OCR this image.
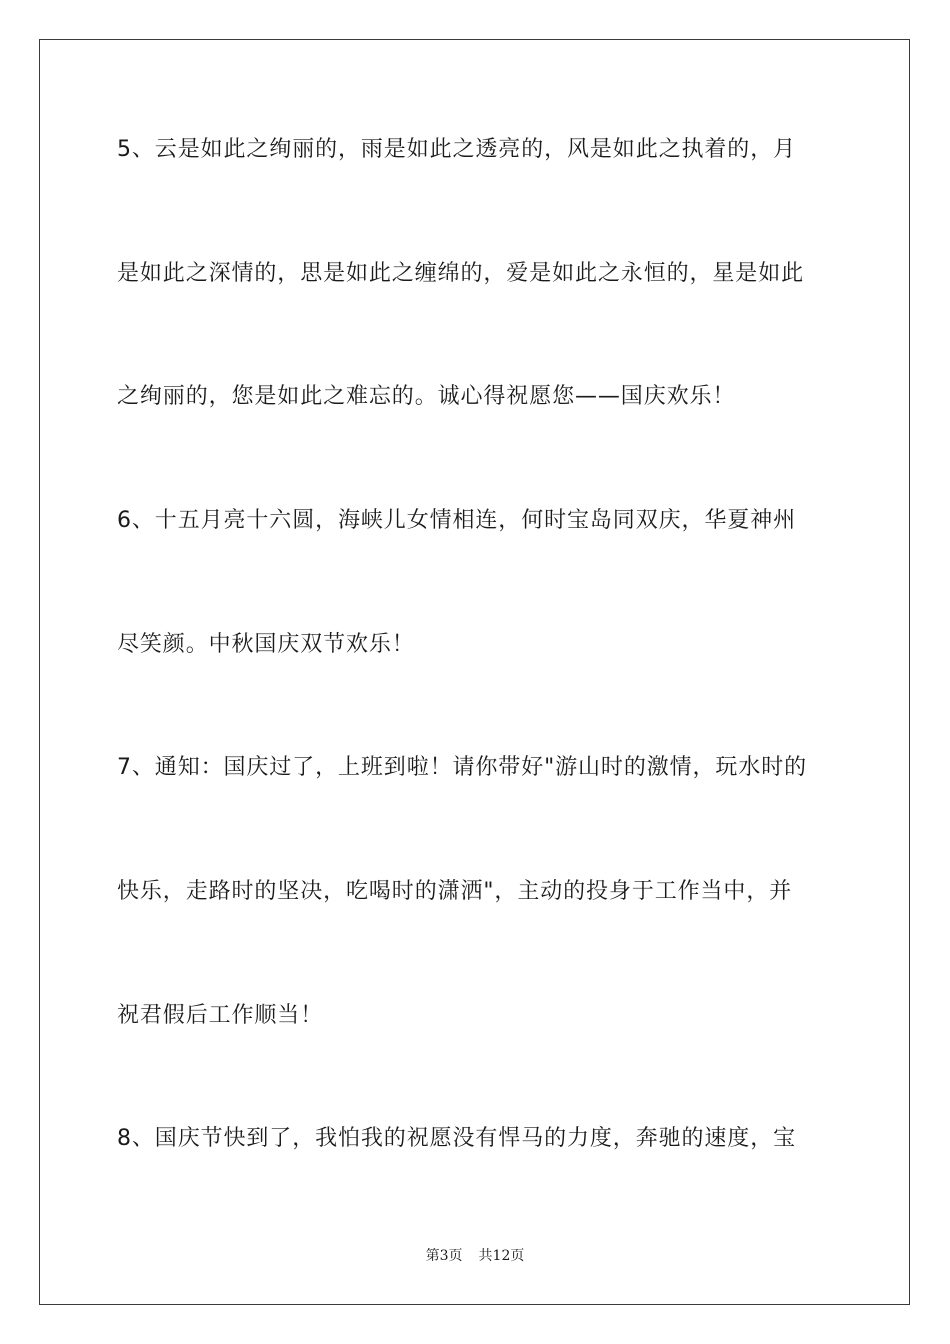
5、云是如此之绚丽的，雨是如此之透亮的，风是如此之执着的，月
是如此之深情的，思是如此之缠绵的，爱是如此之永恒的，星是如此
之绚丽的，您是如此之难忘的。诚心得祝愿您——国庆欢乐！
6、十五月亮十六圆，海峡儿女情相连，何时宝岛同双庆，华夏神州
尽笑颜。中秋国庆双节欢乐！
7、通知：国庆过了，上班到啦！请你带好"游山时的激情，玩水时的
快乐，走路时的坚决，吃喝时的潇洒"，主动的投身于工作当中，并
祝君假后工作顺当！
8、国庆节快到了，我怕我的祝愿没有悍马的力度，奔驰的速度，宝
第3页 共12页
